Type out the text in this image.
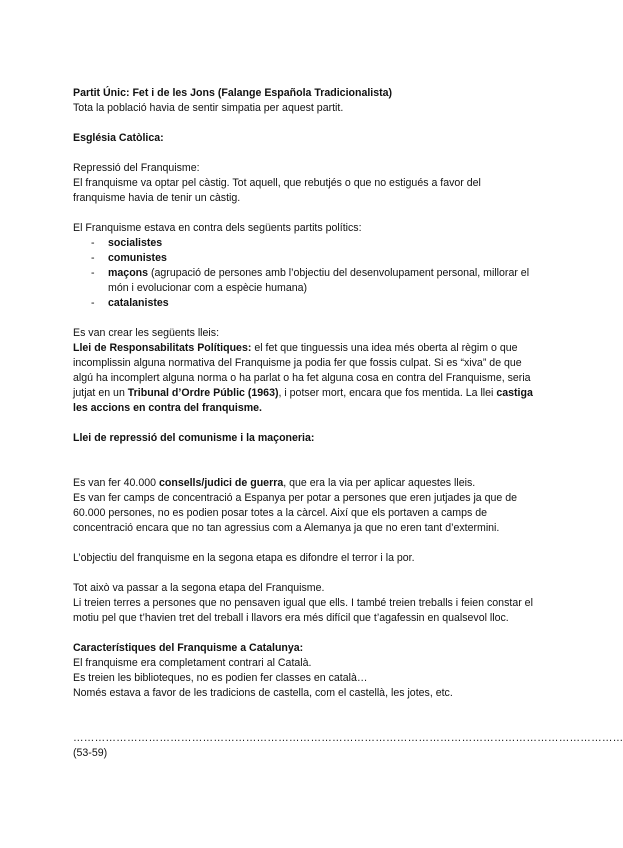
Partit Únic: Fet i de les Jons (Falange Española Tradicionalista)

Tota la població havia de sentir simpatia per aquest partit.

Església Catòlica:

Repressió del Franquisme:

El franquisme va optar pel càstig. Tot aquell, que rebutjés o que no estigués a favor del franquisme havia de tenir un càstig.

El Franquisme estava en contra dels següents partits polítics:

- socialistes
- comunistes
- maçons (agrupació de persones amb l’objectiu del desenvolupament personal, millorar el món i evolucionar com a espècie humana)
- catalanistes

Es van crear les següents lleis:

Llei de Responsabilitats Polítiques: el fet que tinguessis una idea més oberta al règim o que incomplissin alguna normativa del Franquisme ja podia fer que fossis culpat. Si es “xiva” de que algú ha incomplert alguna norma o ha parlat o ha fet alguna cosa en contra del Franquisme, seria jutjat en un Tribunal d’Ordre Públic (1963), i potser mort, encara que fos mentida. La llei castiga les accions en contra del franquisme.

Llei de repressió del comunisme i la maçoneria:

Es van fer 40.000 consells/judici de guerra, que era la via per aplicar aquestes lleis.

Es van fer camps de concentració a Espanya per potar a persones que eren jutjades ja que de 60.000 persones, no es podien posar totes a la càrcel. Així que els portaven a camps de concentració encara que no tan agressius com a Alemanya ja que no eren tant d’extermini.

L’objectiu del franquisme en la segona etapa es difondre el terror i la por.

Tot això va passar a la segona etapa del Franquisme.

Li treien terres a persones que no pensaven igual que ells. I també treien treballs i feien constar el motiu pel que t’havien tret del treball i llavors era més difícil que t’agafessin en qualsevol lloc.

Característiques del Franquisme a Catalunya:

El franquisme era completament contrari al Català.

Es treien les biblioteques, no es podien fer classes en català…

Només estava a favor de les tradicions de castella, com el castellà, les jotes, etc.

………………………………………………………………………………………………………………………………………

(53-59)
